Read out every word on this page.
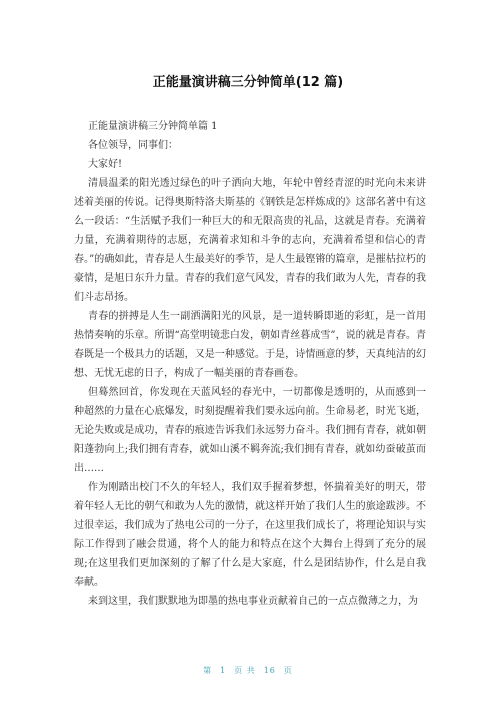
正能量演讲稿三分钟简单(12 篇)

正能量演讲稿三分钟简单篇 1

各位领导，同事们：

大家好!

清晨温柔的阳光透过绿色的叶子洒向大地，年轮中曾经青涩的时光向未来讲述着美丽的传说。记得奥斯特洛夫斯基的《钢铁是怎样炼成的》这部名著中有这么一段话：“生活赋予我们一种巨大的和无限高贵的礼品，这就是青春。充满着力量，充满着期待的志愿，充满着求知和斗争的志向，充满着希望和信心的青春。”的确如此，青春是人生最美好的季节，是人生最铿锵的篇章，是摧枯拉朽的豪情，是旭日东升力量。青春的我们意气风发，青春的我们敢为人先，青春的我们斗志昂扬。

青春的拼搏是人生一副洒满阳光的风景，是一道转瞬即逝的彩虹，是一首用热情奏响的乐章。所谓“高堂明镜悲白发，朝如青丝暮成雪”，说的就是青春。青春既是一个极具力的话题，又是一种感觉。于是，诗情画意的梦，天真纯洁的幻想、无忧无虑的日子，构成了一幅美丽的青春画卷。

但蓦然回首，你发现在天蓝风轻的春光中，一切都像是透明的，从而感到一种超然的力量在心底爆发，时刻提醒着我们要永远向前。生命易老，时光飞逝，无论失败或是成功，青春的痕迹告诉我们永远努力奋斗。我们拥有青春，就如朝阳蓬勃向上;我们拥有青春，就如山溪不羁奔流;我们拥有青春，就如幼蚕破茧而出……

作为刚踏出校门不久的年轻人，我们双手握着梦想，怀揣着美好的明天，带着年轻人无比的朝气和敢为人先的激情，就这样开始了我们人生的旅途跋涉。不过很幸运，我们成为了热电公司的一分子，在这里我们成长了，将理论知识与实际工作得到了融会贯通，将个人的能力和特点在这个大舞台上得到了充分的展现;在这里我们更加深刻的了解了什么是大家庭，什么是团结协作，什么是自我奉献。

来到这里，我们默默地为即墨的热电事业贡献着自己的一点点微薄之力，为

第 1 页 共 16 页
